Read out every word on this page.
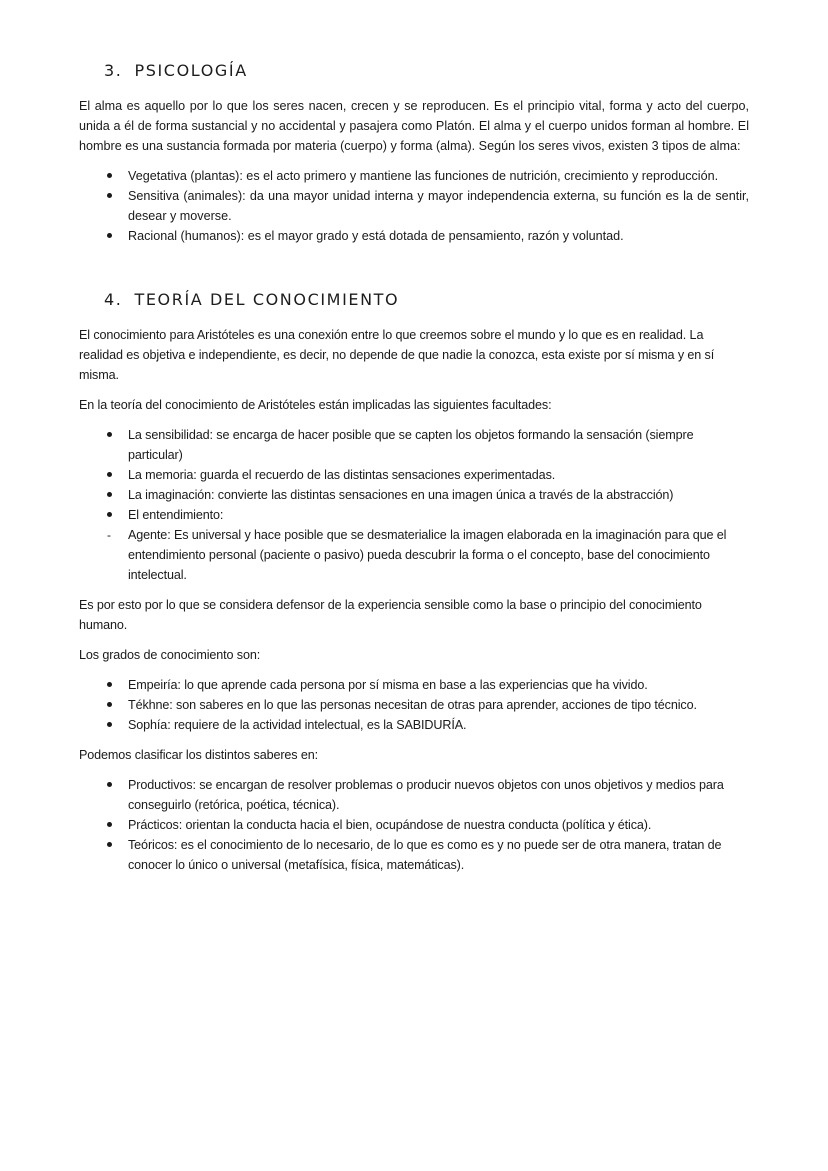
3. PSICOLOGÍA

El alma es aquello por lo que los seres nacen, crecen y se reproducen. Es el principio vital, forma y acto del cuerpo, unida a él de forma sustancial y no accidental y pasajera como Platón. El alma y el cuerpo unidos forman al hombre. El hombre es una sustancia formada por materia (cuerpo) y forma (alma). Según los seres vivos, existen 3 tipos de alma:

Vegetativa (plantas): es el acto primero y mantiene las funciones de nutrición, crecimiento y reproducción.
Sensitiva (animales): da una mayor unidad interna y mayor independencia externa, su función es la de sentir, desear y moverse.
Racional (humanos): es el mayor grado y está dotada de pensamiento, razón y voluntad.
4. TEORÍA DEL CONOCIMIENTO

El conocimiento para Aristóteles es una conexión entre lo que creemos sobre el mundo y lo que es en realidad. La realidad es objetiva e independiente, es decir, no depende de que nadie la conozca, esta existe por sí misma y en sí misma.

En la teoría del conocimiento de Aristóteles están implicadas las siguientes facultades:

La sensibilidad: se encarga de hacer posible que se capten los objetos formando la sensación (siempre particular)
La memoria: guarda el recuerdo de las distintas sensaciones experimentadas.
La imaginación: convierte las distintas sensaciones en una imagen única a través de la abstracción)
El entendimiento:
-	Agente: Es universal y hace posible que se desmaterialice la imagen elaborada en la imaginación para que el entendimiento personal (paciente o pasivo) pueda descubrir la forma o el concepto, base del conocimiento intelectual.

Es por esto por lo que se considera defensor de la experiencia sensible como la base o principio del conocimiento humano.

Los grados de conocimiento son:

Empeiría: lo que aprende cada persona por sí misma en base a las experiencias que ha vivido.
Tékhne: son saberes en lo que las personas necesitan de otras para aprender, acciones de tipo técnico.
Sophía: requiere de la actividad intelectual, es la SABIDURÍA.

Podemos clasificar los distintos saberes en:

Productivos: se encargan de resolver problemas o producir nuevos objetos con unos objetivos y medios para conseguirlo (retórica, poética, técnica).
Prácticos: orientan la conducta hacia el bien, ocupándose de nuestra conducta (política y ética).
Teóricos: es el conocimiento de lo necesario, de lo que es como es y no puede ser de otra manera, tratan de conocer lo único o universal (metafísica, física, matemáticas).
